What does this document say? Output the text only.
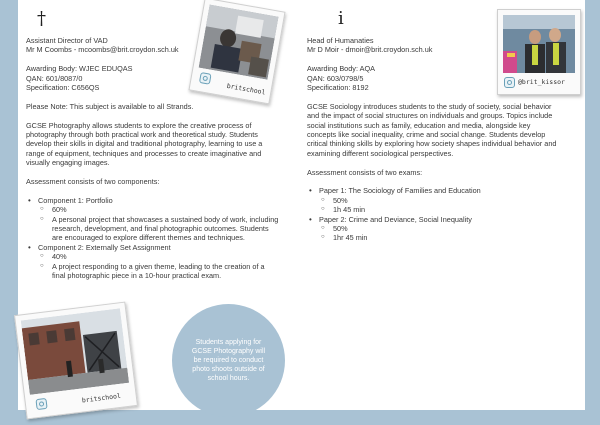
†

Assistant Director of VAD

Mr M Coombs - mcoombs@brit.croydon.sch.uk

Awarding Body: WJEC EDUQAS

QAN: 601/8087/0

Specification: C656QS

Please Note: This subject is available to all Strands.

GCSE Photography allows students to explore the creative process of

photography through both practical work and theoretical study. Students

develop their skills in digital and traditional photography, learning to use a

range of equipment, techniques and processes to create imaginative and

visually engaging images.

Assessment consists of two components:

• Component 1: Portfolio
○ 60%
○ A personal project that showcases a sustained body of work, including
research, development, and final photographic outcomes. Students
are encouraged to explore different themes and techniques.
• Component 2: Externally Set Assignment
○ 40%
○ A project responding to a given theme, leading to the creation of a
final photographic piece in a 10-hour practical exam.
britschool
britschool
Students applying for GCSE Photography will be required to conduct photo shoots outside of school hours.
i

Head of Humanaties

Mr D Moir - dmoir@brit.croydon.sch.uk

Awarding Body: AQA

QAN: 603/0798/5

Specification: 8192

GCSE Sociology introduces students to the study of society, social behavior

and the impact of social structures on individuals and groups. Topics include

social institutions such as family, education and media, alongside key

concepts like social inequality, crime and social change. Students develop

critical thinking skills by exploring how society shapes individual behavior and

examining different sociological perspectives.

Assessment consists of two exams:

• Paper 1: The Sociology of Families and Education
○ 50%
○ 1h 45 min
• Paper 2: Crime and Deviance, Social Inequality
○ 50%
○ 1hr 45 min
@brit_kissor
